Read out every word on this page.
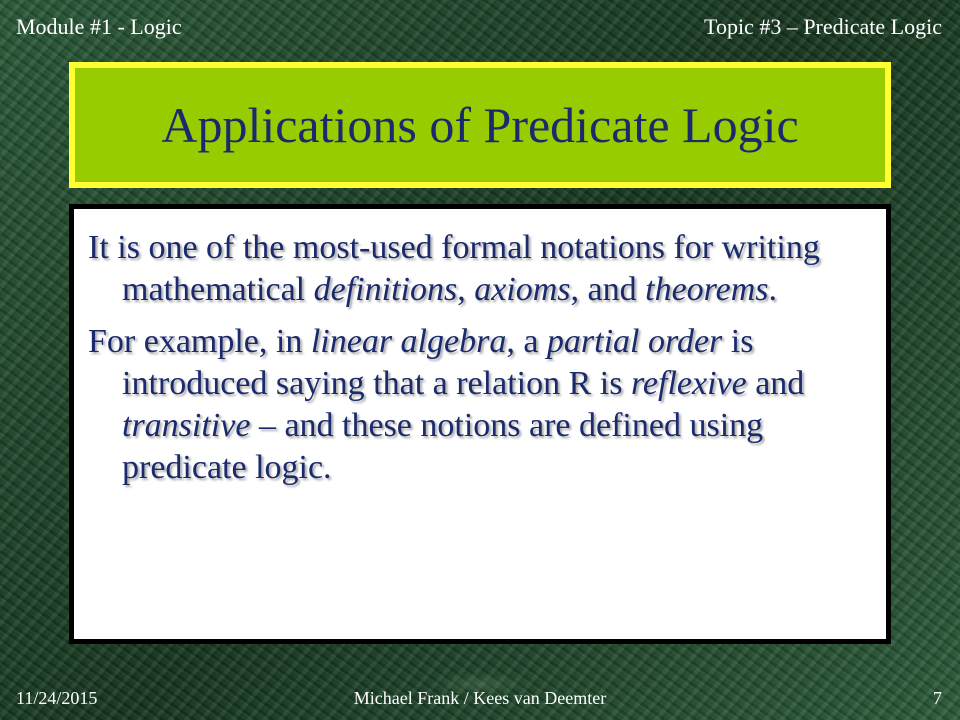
Module #1 - Logic	Topic #3 – Predicate Logic
Applications of Predicate Logic

It is one of the most-used formal notations for writing mathematical definitions, axioms, and theorems.

For example, in linear algebra, a partial order is introduced saying that a relation R is reflexive and transitive – and these notions are defined using predicate logic.

11/24/2015	Michael Frank / Kees van Deemter	7
